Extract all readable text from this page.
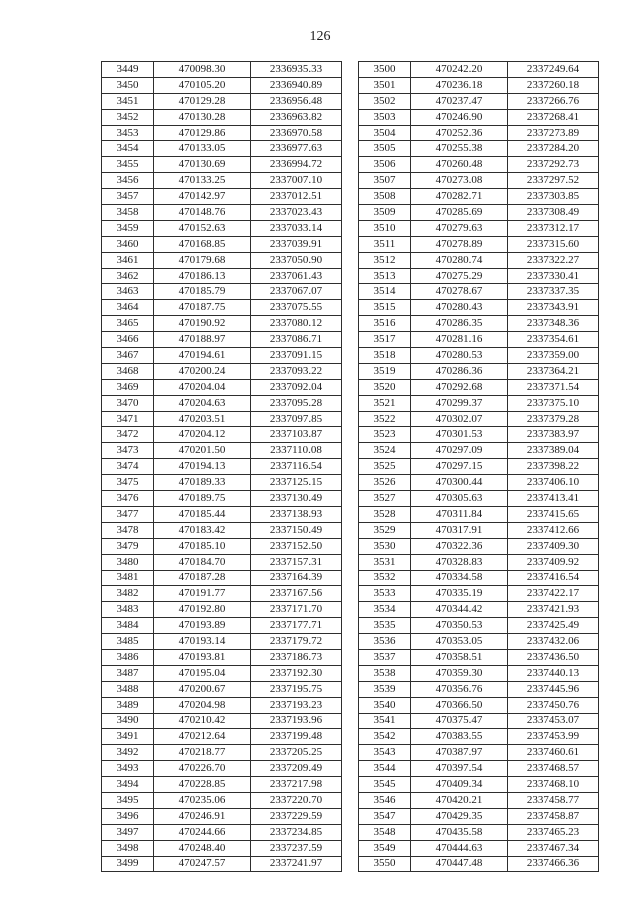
126
3449	470098.30	2336935.33
3450	470105.20	2336940.89
3451	470129.28	2336956.48
3452	470130.28	2336963.82
3453	470129.86	2336970.58
3454	470133.05	2336977.63
3455	470130.69	2336994.72
3456	470133.25	2337007.10
3457	470142.97	2337012.51
3458	470148.76	2337023.43
3459	470152.63	2337033.14
3460	470168.85	2337039.91
3461	470179.68	2337050.90
3462	470186.13	2337061.43
3463	470185.79	2337067.07
3464	470187.75	2337075.55
3465	470190.92	2337080.12
3466	470188.97	2337086.71
3467	470194.61	2337091.15
3468	470200.24	2337093.22
3469	470204.04	2337092.04
3470	470204.63	2337095.28
3471	470203.51	2337097.85
3472	470204.12	2337103.87
3473	470201.50	2337110.08
3474	470194.13	2337116.54
3475	470189.33	2337125.15
3476	470189.75	2337130.49
3477	470185.44	2337138.93
3478	470183.42	2337150.49
3479	470185.10	2337152.50
3480	470184.70	2337157.31
3481	470187.28	2337164.39
3482	470191.77	2337167.56
3483	470192.80	2337171.70
3484	470193.89	2337177.71
3485	470193.14	2337179.72
3486	470193.81	2337186.73
3487	470195.04	2337192.30
3488	470200.67	2337195.75
3489	470204.98	2337193.23
3490	470210.42	2337193.96
3491	470212.64	2337199.48
3492	470218.77	2337205.25
3493	470226.70	2337209.49
3494	470228.85	2337217.98
3495	470235.06	2337220.70
3496	470246.91	2337229.59
3497	470244.66	2337234.85
3498	470248.40	2337237.59
3499	470247.57	2337241.97
3500	470242.20	2337249.64
3501	470236.18	2337260.18
3502	470237.47	2337266.76
3503	470246.90	2337268.41
3504	470252.36	2337273.89
3505	470255.38	2337284.20
3506	470260.48	2337292.73
3507	470273.08	2337297.52
3508	470282.71	2337303.85
3509	470285.69	2337308.49
3510	470279.63	2337312.17
3511	470278.89	2337315.60
3512	470280.74	2337322.27
3513	470275.29	2337330.41
3514	470278.67	2337337.35
3515	470280.43	2337343.91
3516	470286.35	2337348.36
3517	470281.16	2337354.61
3518	470280.53	2337359.00
3519	470286.36	2337364.21
3520	470292.68	2337371.54
3521	470299.37	2337375.10
3522	470302.07	2337379.28
3523	470301.53	2337383.97
3524	470297.09	2337389.04
3525	470297.15	2337398.22
3526	470300.44	2337406.10
3527	470305.63	2337413.41
3528	470311.84	2337415.65
3529	470317.91	2337412.66
3530	470322.36	2337409.30
3531	470328.83	2337409.92
3532	470334.58	2337416.54
3533	470335.19	2337422.17
3534	470344.42	2337421.93
3535	470350.53	2337425.49
3536	470353.05	2337432.06
3537	470358.51	2337436.50
3538	470359.30	2337440.13
3539	470356.76	2337445.96
3540	470366.50	2337450.76
3541	470375.47	2337453.07
3542	470383.55	2337453.99
3543	470387.97	2337460.61
3544	470397.54	2337468.57
3545	470409.34	2337468.10
3546	470420.21	2337458.77
3547	470429.35	2337458.87
3548	470435.58	2337465.23
3549	470444.63	2337467.34
3550	470447.48	2337466.36
